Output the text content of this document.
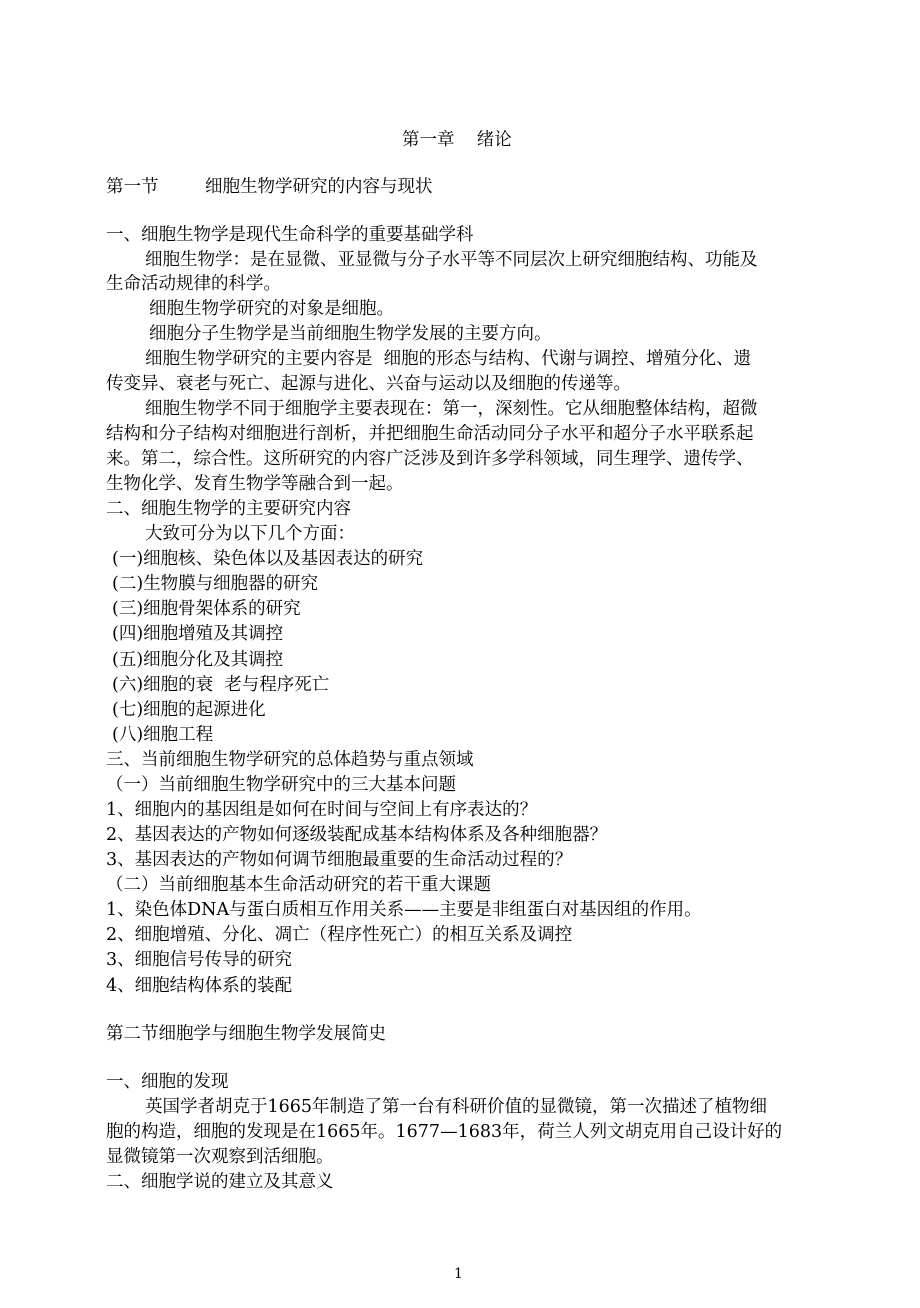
第一章    绪论
第一节	细胞生物学研究的内容与现状
一、细胞生物学是现代生命科学的重要基础学科
细胞生物学：是在显微、亚显微与分子水平等不同层次上研究细胞结构、功能及
生命活动规律的科学。
细胞生物学研究的对象是细胞。
细胞分子生物学是当前细胞生物学发展的主要方向。
细胞生物学研究的主要内容是  细胞的形态与结构、代谢与调控、增殖分化、遗
传变异、衰老与死亡、起源与进化、兴奋与运动以及细胞的传递等。
细胞生物学不同于细胞学主要表现在：第一，深刻性。它从细胞整体结构，超微
结构和分子结构对细胞进行剖析，并把细胞生命活动同分子水平和超分子水平联系起
来。第二，综合性。这所研究的内容广泛涉及到许多学科领域，同生理学、遗传学、
生物化学、发育生物学等融合到一起。
二、细胞生物学的主要研究内容
大致可分为以下几个方面：
(一)细胞核、染色体以及基因表达的研究
(二)生物膜与细胞器的研究
(三)细胞骨架体系的研究
(四)细胞增殖及其调控
(五)细胞分化及其调控
(六)细胞的衰  老与程序死亡
(七)细胞的起源进化
(八)细胞工程
三、当前细胞生物学研究的总体趋势与重点领域
（一）当前细胞生物学研究中的三大基本问题
1、细胞内的基因组是如何在时间与空间上有序表达的？
2、基因表达的产物如何逐级装配成基本结构体系及各种细胞器？
3、基因表达的产物如何调节细胞最重要的生命活动过程的？
（二）当前细胞基本生命活动研究的若干重大课题
1、染色体DNA与蛋白质相互作用关系——主要是非组蛋白对基因组的作用。
2、细胞增殖、分化、凋亡（程序性死亡）的相互关系及调控
3、细胞信号传导的研究
4、细胞结构体系的装配
第二节细胞学与细胞生物学发展简史
一、细胞的发现
英国学者胡克于1665年制造了第一台有科研价值的显微镜，第一次描述了植物细
胞的构造，细胞的发现是在1665年。1677—1683年，荷兰人列文胡克用自己设计好的
显微镜第一次观察到活细胞。
二、细胞学说的建立及其意义
1
